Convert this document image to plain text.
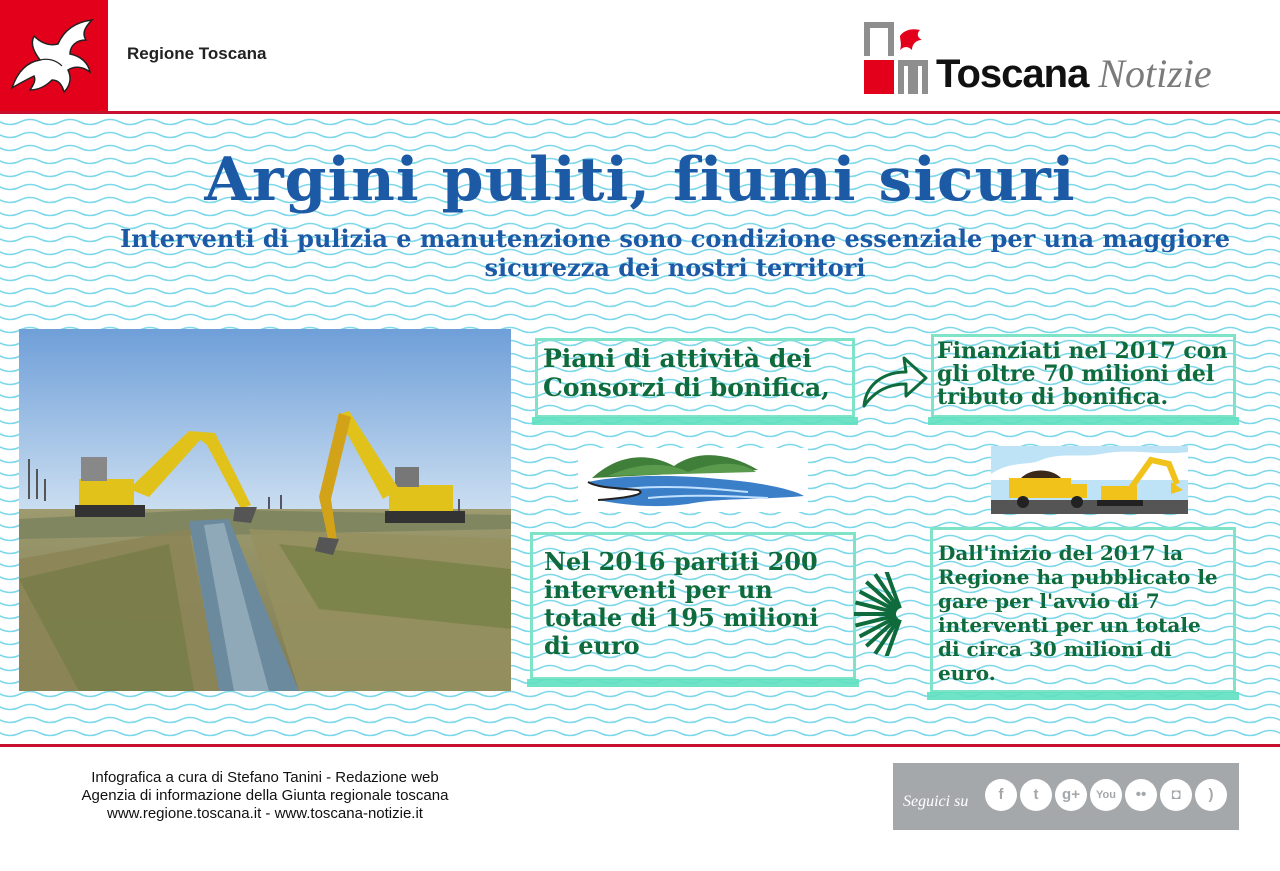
Regione Toscana	Toscana Notizie
Argini puliti, fiumi sicuri
Interventi di pulizia e manutenzione sono condizione essenziale per una maggiore sicurezza dei nostri territori
Piani di attività dei Consorzi di bonifica,
Finanziati nel 2017 con gli oltre 70 milioni del tributo di bonifica.
Nel 2016 partiti 200 interventi per un totale di 195 milioni di euro
Dall'inizio del 2017 la Regione ha pubblicato le gare per l'avvio di 7 interventi per un totale di circa 30 milioni di euro.
Infografica a cura di Stefano Tanini - Redazione web
Agenzia di informazione della Giunta regionale toscana
www.regione.toscana.it - www.toscana-notizie.it
Seguici su	f	t	g+	You	••	◘	)
